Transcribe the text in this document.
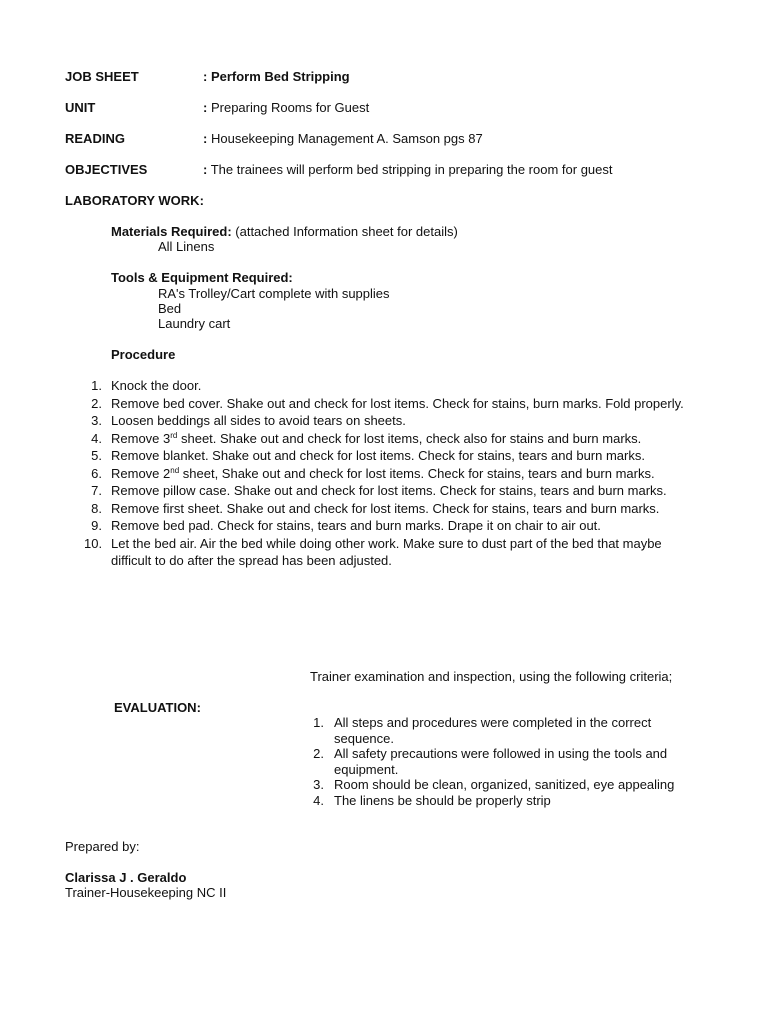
JOB SHEET	: Perform Bed Stripping
UNIT	: Preparing Rooms for Guest
READING	: Housekeeping Management A. Samson pgs 87
OBJECTIVES	: The trainees will perform bed stripping in preparing the room for guest
LABORATORY WORK:
Materials Required: (attached Information sheet for details)
All Linens
Tools & Equipment Required:
RA's Trolley/Cart complete with supplies
Bed
Laundry cart
Procedure
1. Knock the door.
2. Remove bed cover. Shake out and check for lost items. Check for stains, burn marks. Fold properly.
3. Loosen beddings all sides to avoid tears on sheets.
4. Remove 3rd sheet. Shake out and check for lost items, check also for stains and burn marks.
5. Remove blanket. Shake out and check for lost items. Check for stains, tears and burn marks.
6. Remove 2nd sheet, Shake out and check for lost items. Check for stains, tears and burn marks.
7. Remove pillow case. Shake out and check for lost items. Check for stains, tears and burn marks.
8. Remove first sheet. Shake out and check for lost items. Check for stains, tears and burn marks.
9. Remove bed pad. Check for stains, tears and burn marks. Drape it on chair to air out.
10. Let the bed air. Air the bed while doing other work. Make sure to dust part of the bed that maybe difficult to do after the spread has been adjusted.
EVALUATION:
Trainer examination and inspection, using the following criteria;
1. All steps and procedures were completed in the correct sequence.
2. All safety precautions were followed in using the tools and equipment.
3. Room should be clean, organized, sanitized, eye appealing
4. The linens be should be properly strip
Prepared by:
Clarissa J . Geraldo
Trainer-Housekeeping NC II
